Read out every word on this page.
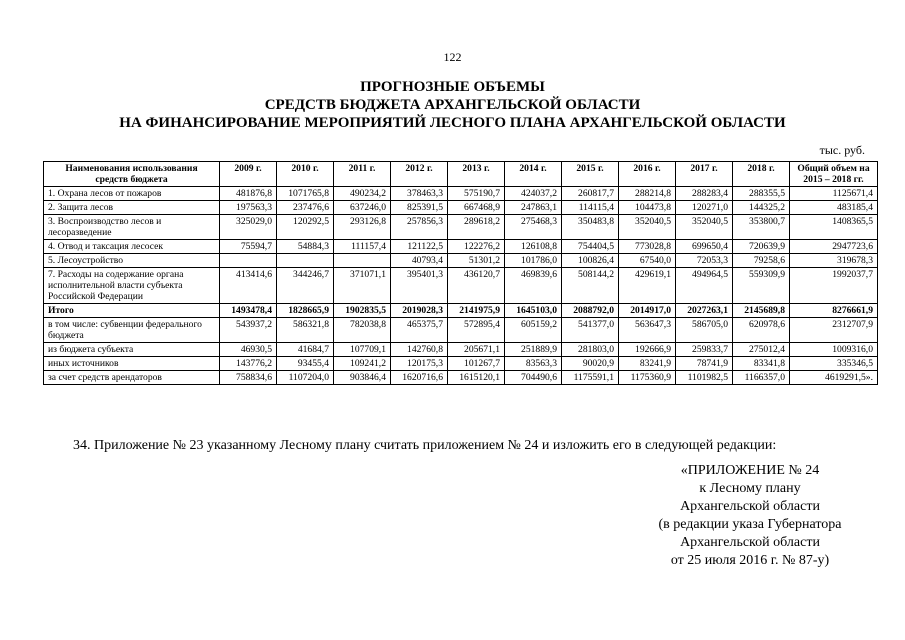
122
ПРОГНОЗНЫЕ ОБЪЕМЫ
СРЕДСТВ БЮДЖЕТА АРХАНГЕЛЬСКОЙ ОБЛАСТИ
НА ФИНАНСИРОВАНИЕ МЕРОПРИЯТИЙ ЛЕСНОГО ПЛАНА АРХАНГЕЛЬСКОЙ ОБЛАСТИ
тыс. руб.
Наименования использования средств бюджета	2009 г.	2010 г.	2011 г.	2012 г.	2013 г.	2014 г.	2015 г.	2016 г.	2017 г.	2018 г.	Общий объем на 2015 – 2018 гг.
1. Охрана лесов от пожаров	481876,8	1071765,8	490234,2	378463,3	575190,7	424037,2	260817,7	288214,8	288283,4	288355,5	1125671,4
2. Защита лесов	197563,3	237476,6	637246,0	825391,5	667468,9	247863,1	114115,4	104473,8	120271,0	144325,2	483185,4
3. Воспроизводство лесов и лесоразведение	325029,0	120292,5	293126,8	257856,3	289618,2	275468,3	350483,8	352040,5	352040,5	353800,7	1408365,5
4. Отвод и таксация лесосек	75594,7	54884,3	111157,4	121122,5	122276,2	126108,8	754404,5	773028,8	699650,4	720639,9	2947723,6
5. Лесоустройство				40793,4	51301,2	101786,0	100826,4	67540,0	72053,3	79258,6	319678,3
7. Расходы на содержание органа исполнительной власти субъекта Российской Федерации	413414,6	344246,7	371071,1	395401,3	436120,7	469839,6	508144,2	429619,1	494964,5	559309,9	1992037,7
Итого	1493478,4	1828665,9	1902835,5	2019028,3	2141975,9	1645103,0	2088792,0	2014917,0	2027263,1	2145689,8	8276661,9
в том числе: субвенции федерального бюджета	543937,2	586321,8	782038,8	465375,7	572895,4	605159,2	541377,0	563647,3	586705,0	620978,6	2312707,9
из бюджета субъекта	46930,5	41684,7	107709,1	142760,8	205671,1	251889,9	281803,0	192666,9	259833,7	275012,4	1009316,0
иных источников	143776,2	93455,4	109241,2	120175,3	101267,7	83563,3	90020,9	83241,9	78741,9	83341,8	335346,5
за счет средств арендаторов	758834,6	1107204,0	903846,4	1620716,6	1615120,1	704490,6	1175591,1	1175360,9	1101982,5	1166357,0	4619291,5».
34. Приложение № 23 указанному Лесному плану считать приложением № 24 и изложить его в следующей редакции:
«ПРИЛОЖЕНИЕ № 24
к Лесному плану
Архангельской области
(в редакции указа Губернатора
Архангельской области
от 25 июля 2016 г. № 87-у)
